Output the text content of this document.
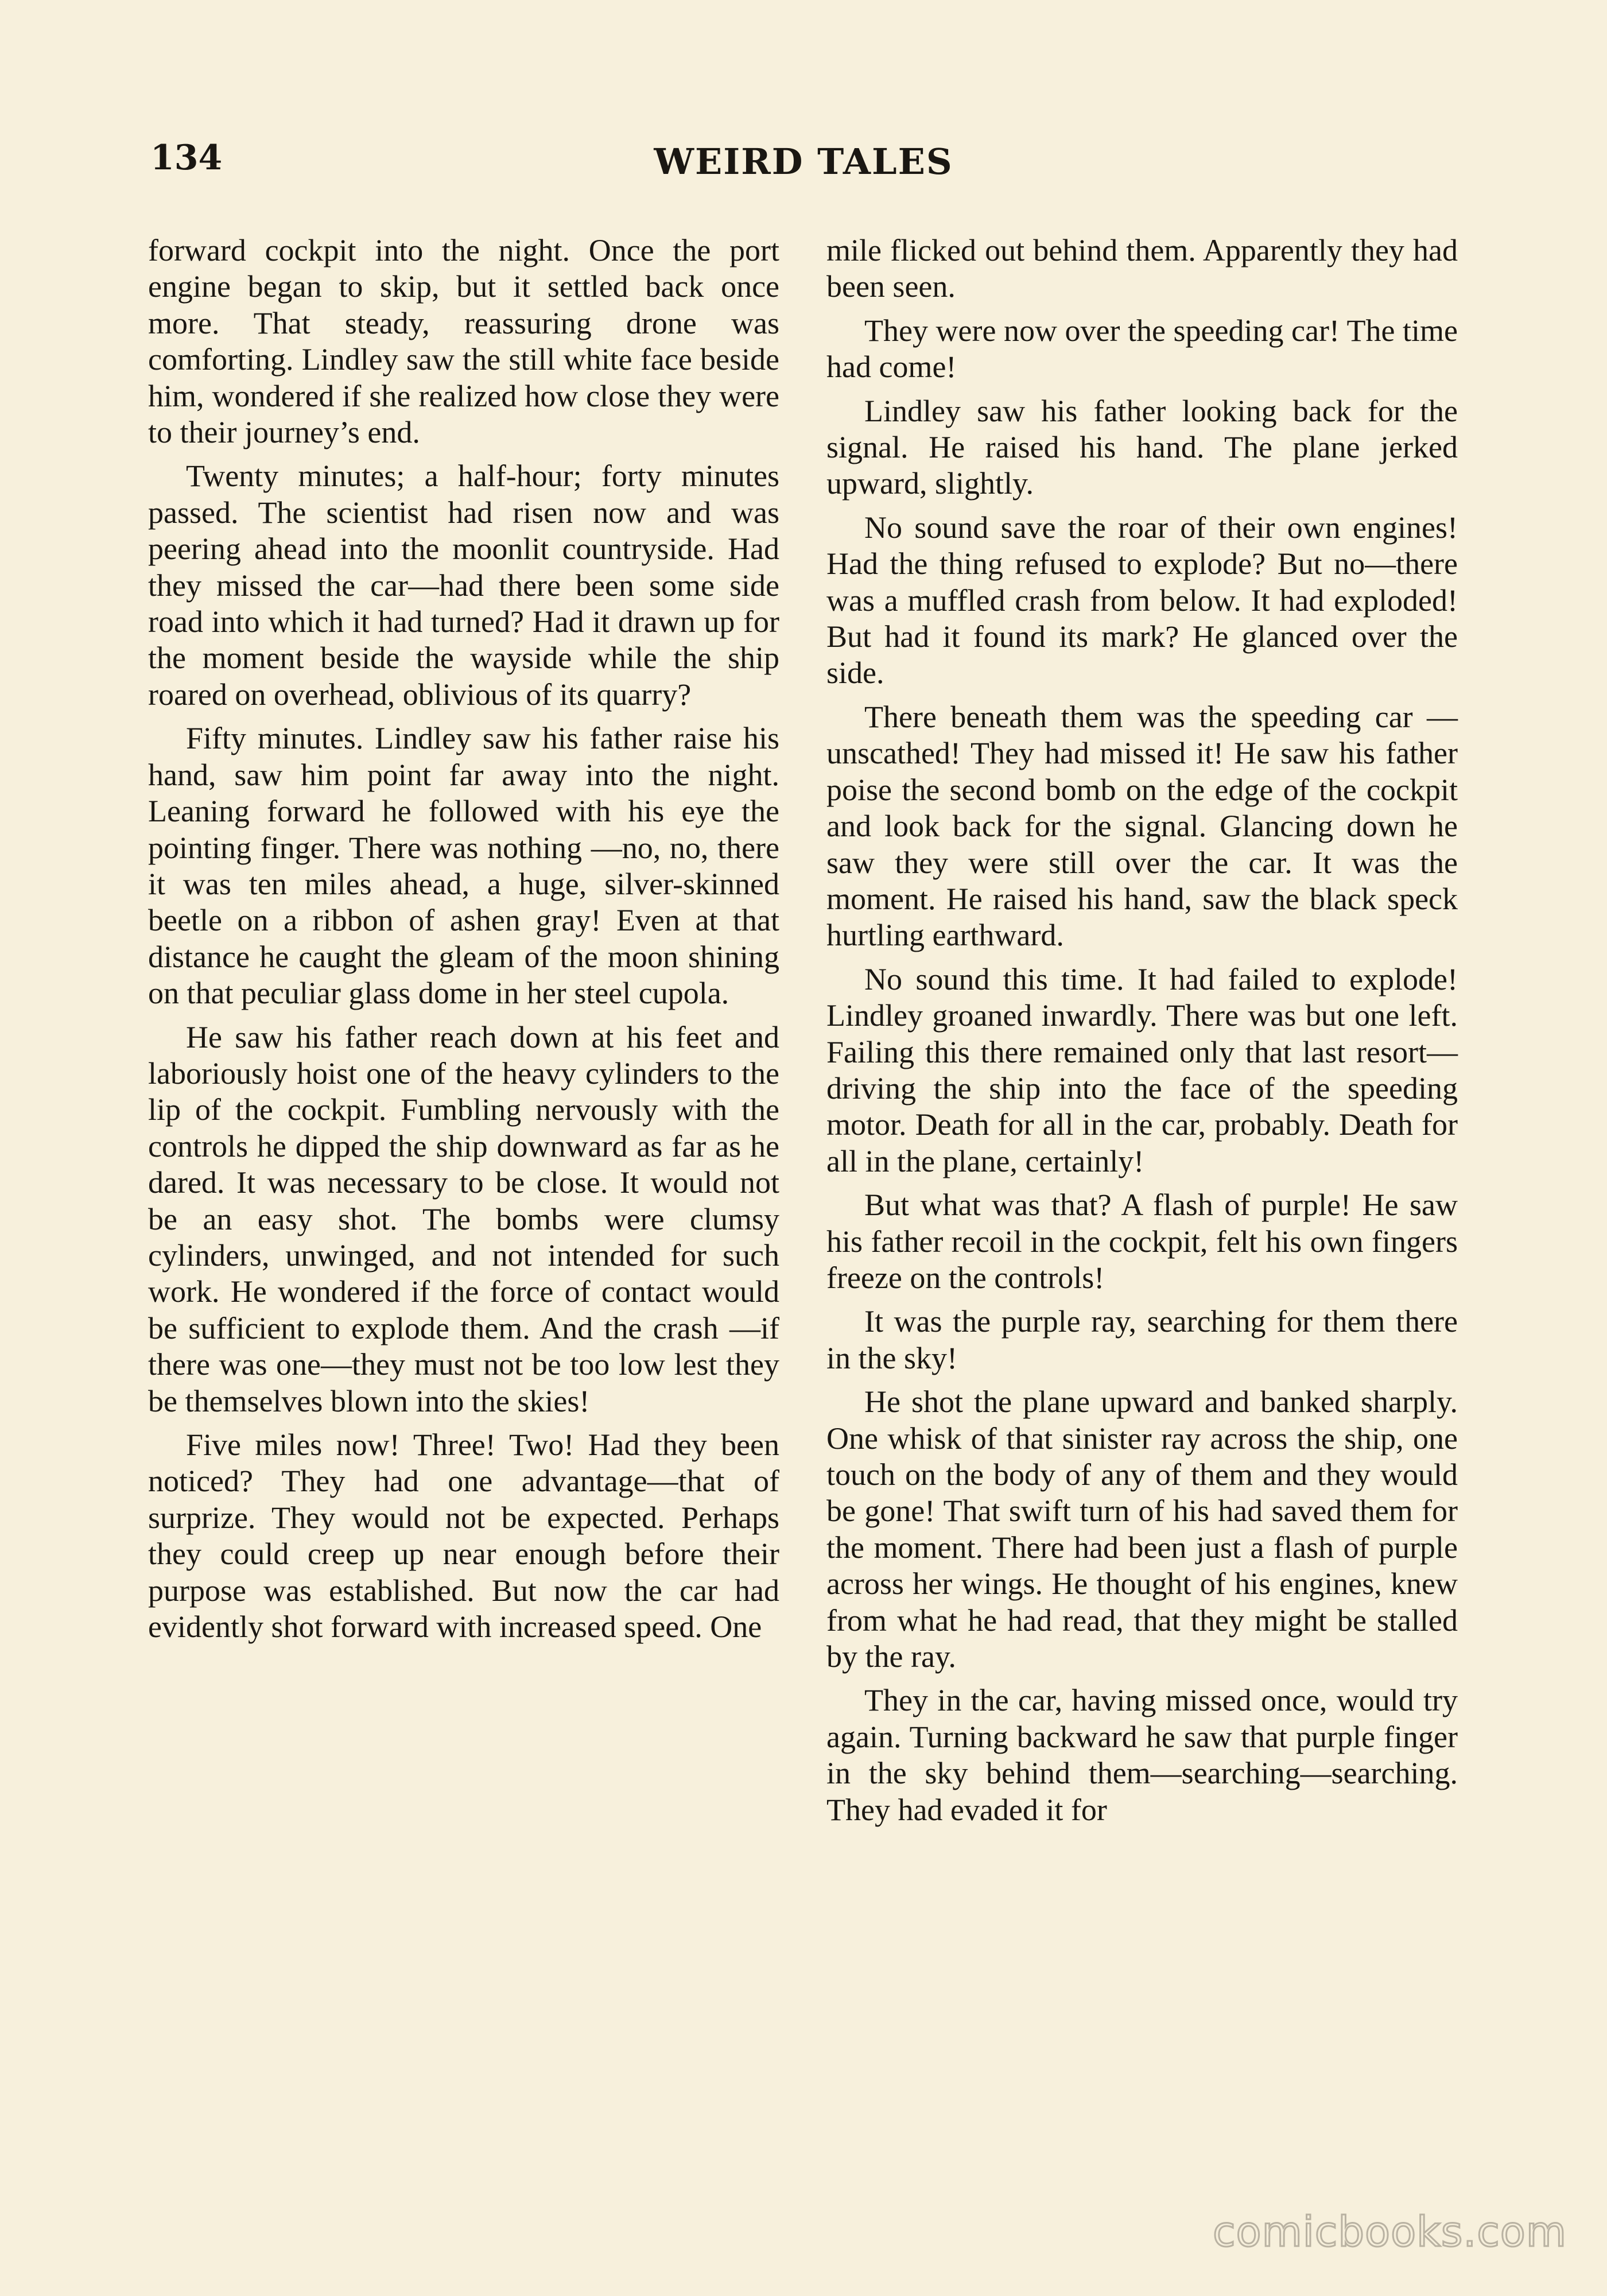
134	WEIRD TALES

forward cockpit into the night. Once the port engine began to skip, but it settled back once more. That steady, reassuring drone was comforting. Lindley saw the still white face beside him, wondered if she realized how close they were to their journey’s end.

Twenty minutes; a half-hour; forty minutes passed. The scientist had risen now and was peering ahead into the moonlit countryside. Had they missed the car—had there been some side road into which it had turned? Had it drawn up for the moment beside the wayside while the ship roared on overhead, oblivious of its quarry?

Fifty minutes. Lindley saw his father raise his hand, saw him point far away into the night. Leaning forward he followed with his eye the pointing finger. There was nothing —no, no, there it was ten miles ahead, a huge, silver-skinned beetle on a ribbon of ashen gray! Even at that distance he caught the gleam of the moon shining on that peculiar glass dome in her steel cupola.

He saw his father reach down at his feet and laboriously hoist one of the heavy cylinders to the lip of the cockpit. Fumbling nervously with the controls he dipped the ship downward as far as he dared. It was necessary to be close. It would not be an easy shot. The bombs were clumsy cylinders, unwinged, and not intended for such work. He wondered if the force of contact would be sufficient to explode them. And the crash —if there was one—they must not be too low lest they be themselves blown into the skies!

Five miles now! Three! Two! Had they been noticed? They had one advantage—that of surprize. They would not be expected. Perhaps they could creep up near enough before their purpose was established. But now the car had evidently shot forward with increased speed. One

mile flicked out behind them. Apparently they had been seen.

They were now over the speeding car! The time had come!

Lindley saw his father looking back for the signal. He raised his hand. The plane jerked upward, slightly.

No sound save the roar of their own engines! Had the thing refused to explode? But no—there was a muffled crash from below. It had exploded! But had it found its mark? He glanced over the side.

There beneath them was the speeding car — unscathed! They had missed it! He saw his father poise the second bomb on the edge of the cockpit and look back for the signal. Glancing down he saw they were still over the car. It was the moment. He raised his hand, saw the black speck hurtling earthward.

No sound this time. It had failed to explode! Lindley groaned inwardly. There was but one left. Failing this there remained only that last resort—driving the ship into the face of the speeding motor. Death for all in the car, probably. Death for all in the plane, certainly!

But what was that? A flash of purple! He saw his father recoil in the cockpit, felt his own fingers freeze on the controls!

It was the purple ray, searching for them there in the sky!

He shot the plane upward and banked sharply. One whisk of that sinister ray across the ship, one touch on the body of any of them and they would be gone! That swift turn of his had saved them for the moment. There had been just a flash of purple across her wings. He thought of his engines, knew from what he had read, that they might be stalled by the ray.

They in the car, having missed once, would try again. Turning backward he saw that purple finger in the sky behind them—searching—searching. They had evaded it for

comicbooks.com
